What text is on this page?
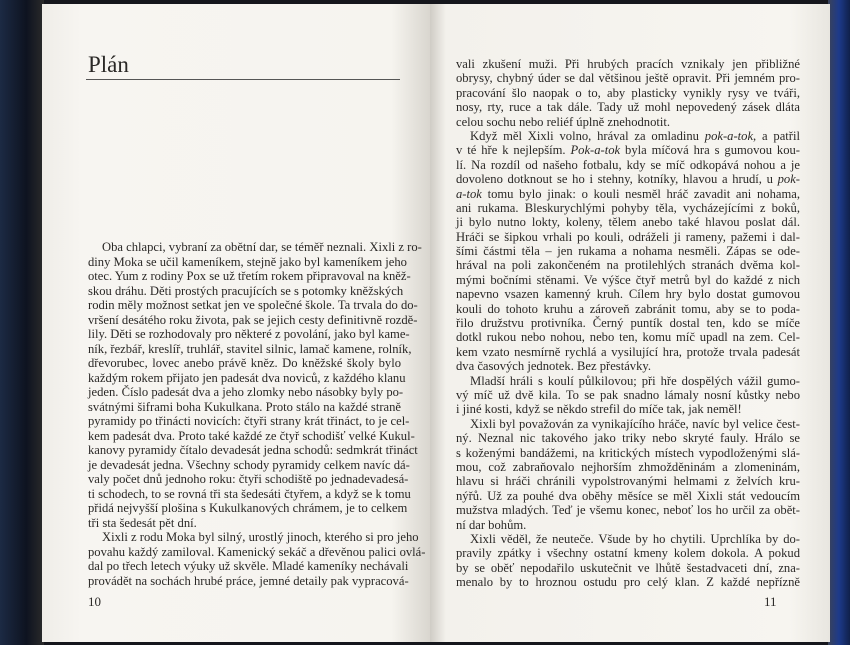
Plán
Oba chlapci, vybraní za obětní dar, se téměř neznali. Xixli z ro-
diny Moka se učil kameníkem, stejně jako byl kameníkem jeho
otec. Yum z rodiny Pox se už třetím rokem připravoval na kněž-
skou dráhu. Děti prostých pracujících se s potomky kněžských
rodin měly možnost setkat jen ve společné škole. Ta trvala do do-
vršení desátého roku života, pak se jejich cesty definitivně rozdě-
lily. Děti se rozhodovaly pro některé z povolání, jako byl kame-
ník, řezbář, kreslíř, truhlář, stavitel silnic, lamač kamene, rolník,
dřevorubec, lovec anebo právě kněz. Do kněžské školy bylo
každým rokem přijato jen padesát dva noviců, z každého klanu
jeden. Číslo padesát dva a jeho zlomky nebo násobky byly po-
svátnými šiframi boha Kukulkana. Proto stálo na každé straně
pyramidy po třinácti novicích: čtyři strany krát třináct, to je cel-
kem padesát dva. Proto také každé ze čtyř schodišť velké Kukul-
kanovy pyramidy čítalo devadesát jedna schodů: sedmkrát třináct
je devadesát jedna. Všechny schody pyramidy celkem navíc dá-
valy počet dnů jednoho roku: čtyři schodiště po jednadevadesá-
ti schodech, to se rovná tři sta šedesáti čtyřem, a když se k tomu
přidá nejvyšší plošina s Kukulkanových chrámem, je to celkem
tři sta šedesát pět dní.
Xixli z rodu Moka byl silný, urostlý jinoch, kterého si pro jeho
povahu každý zamiloval. Kamenický sekáč a dřevěnou palici ovlá-
dal po třech letech výuky už skvěle. Mladé kameníky nechávali
provádět na sochách hrubé práce, jemné detaily pak vypracová-
10
vali zkušení muži. Při hrubých pracích vznikaly jen přibližné
obrysy, chybný úder se dal většinou ještě opravit. Při jemném pro-
pracování šlo naopak o to, aby plasticky vynikly rysy ve tváři,
nosy, rty, ruce a tak dále. Tady už mohl nepovedený zásek dláta
celou sochu nebo reliéf úplně znehodnotit.
Když měl Xixli volno, hrával za omladinu pok-a-tok, a patřil
v té hře k nejlepším. Pok-a-tok byla míčová hra s gumovou kou-
lí. Na rozdíl od našeho fotbalu, kdy se míč odkopává nohou a je
dovoleno dotknout se ho i stehny, kotníky, hlavou a hrudí, u pok-
a-tok tomu bylo jinak: o kouli nesměl hráč zavadit ani nohama,
ani rukama. Bleskurychlými pohyby těla, vycházejícími z boků,
ji bylo nutno lokty, koleny, tělem anebo také hlavou poslat dál.
Hráči se šipkou vrhali po kouli, odráželi ji rameny, pažemi i dal-
šími částmi těla – jen rukama a nohama nesměli. Zápas se ode-
hrával na poli zakončeném na protilehlých stranách dvěma kol-
mými bočními stěnami. Ve výšce čtyř metrů byl do každé z nich
napevno vsazen kamenný kruh. Cílem hry bylo dostat gumovou
kouli do tohoto kruhu a zároveň zabránit tomu, aby se to poda-
řilo družstvu protivníka. Černý puntík dostal ten, kdo se míče
dotkl rukou nebo nohou, nebo ten, komu míč upadl na zem. Cel-
kem vzato nesmírně rychlá a vysilující hra, protože trvala padesát
dva časových jednotek. Bez přestávky.
Mladší hráli s koulí půlkilovou; při hře dospělých vážil gumo-
vý míč už dvě kila. To se pak snadno lámaly nosní kůstky nebo
i jiné kosti, když se někdo strefil do míče tak, jak neměl!
Xixli byl považován za vynikajícího hráče, navíc byl velice čest-
ný. Neznal nic takového jako triky nebo skryté fauly. Hrálo se
s koženými bandážemi, na kritických místech vypodloženými slá-
mou, což zabraňovalo nejhorším zhmožděninám a zlomeninám,
hlavu si hráči chránili vypolstrovanými helmami z želvích kru-
nýřů. Už za pouhé dva oběhy měsíce se měl Xixli stát vedoucím
mužstva mladých. Teď je všemu konec, neboť los ho určil za obět-
ní dar bohům.
Xixli věděl, že neuteče. Všude by ho chytili. Uprchlíka by do-
pravily zpátky i všechny ostatní kmeny kolem dokola. A pokud
by se oběť nepodařilo uskutečnit ve lhůtě šestadvaceti dní, zna-
menalo by to hroznou ostudu pro celý klan. Z každé nepřízně
11
